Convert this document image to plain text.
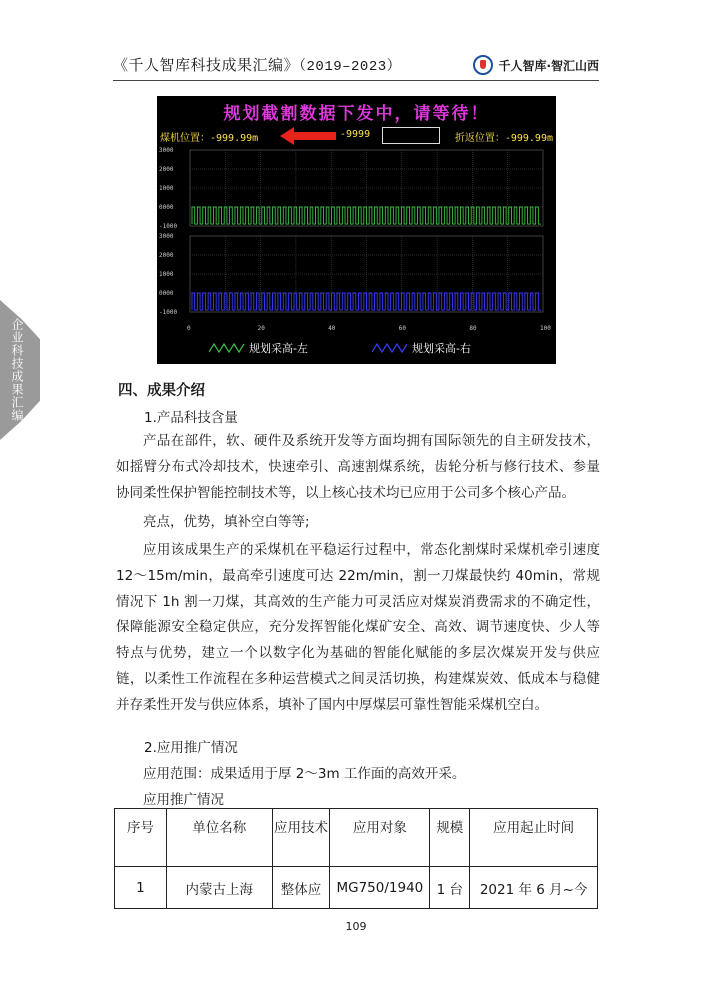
《千人智库科技成果汇编》（2019–2023）	千人智库·智汇山西
企业科技成果汇编
规划截割数据下发中，请等待！
煤机位置：-999.99m	-9999	折返位置：-999.99m
3000
2000
1000
0000
-1000
3000
2000
1000
0000
-1000
0	20	40	60	80	100
规划采高-左	规划采高-右
四、成果介绍
1.产品科技含量
产品在部件，软、硬件及系统开发等方面均拥有国际领先的自主研发技术，如摇臂分布式冷却技术，快速牵引、高速割煤系统，齿轮分析与修行技术、参量协同柔性保护智能控制技术等，以上核心技术均已应用于公司多个核心产品。
亮点，优势，填补空白等等;
应用该成果生产的采煤机在平稳运行过程中，常态化割煤时采煤机牵引速度 12～15m/min，最高牵引速度可达 22m/min，割一刀煤最快约 40min，常规情况下 1h 割一刀煤，其高效的生产能力可灵活应对煤炭消费需求的不确定性，保障能源安全稳定供应，充分发挥智能化煤矿安全、高效、调节速度快、少人等特点与优势，建立一个以数字化为基础的智能化赋能的多层次煤炭开发与供应链，以柔性工作流程在多种运营模式之间灵活切换，构建煤炭效、低成本与稳健并存柔性开发与供应体系，填补了国内中厚煤层可靠性智能采煤机空白。
2.应用推广情况
应用范围：成果适用于厚 2～3m 工作面的高效开采。
应用推广情况
序号	单位名称	应用技术	应用对象	规模	应用起止时间
1	内蒙古上海	整体应	MG750/1940	1 台	2021 年 6 月~今
109
